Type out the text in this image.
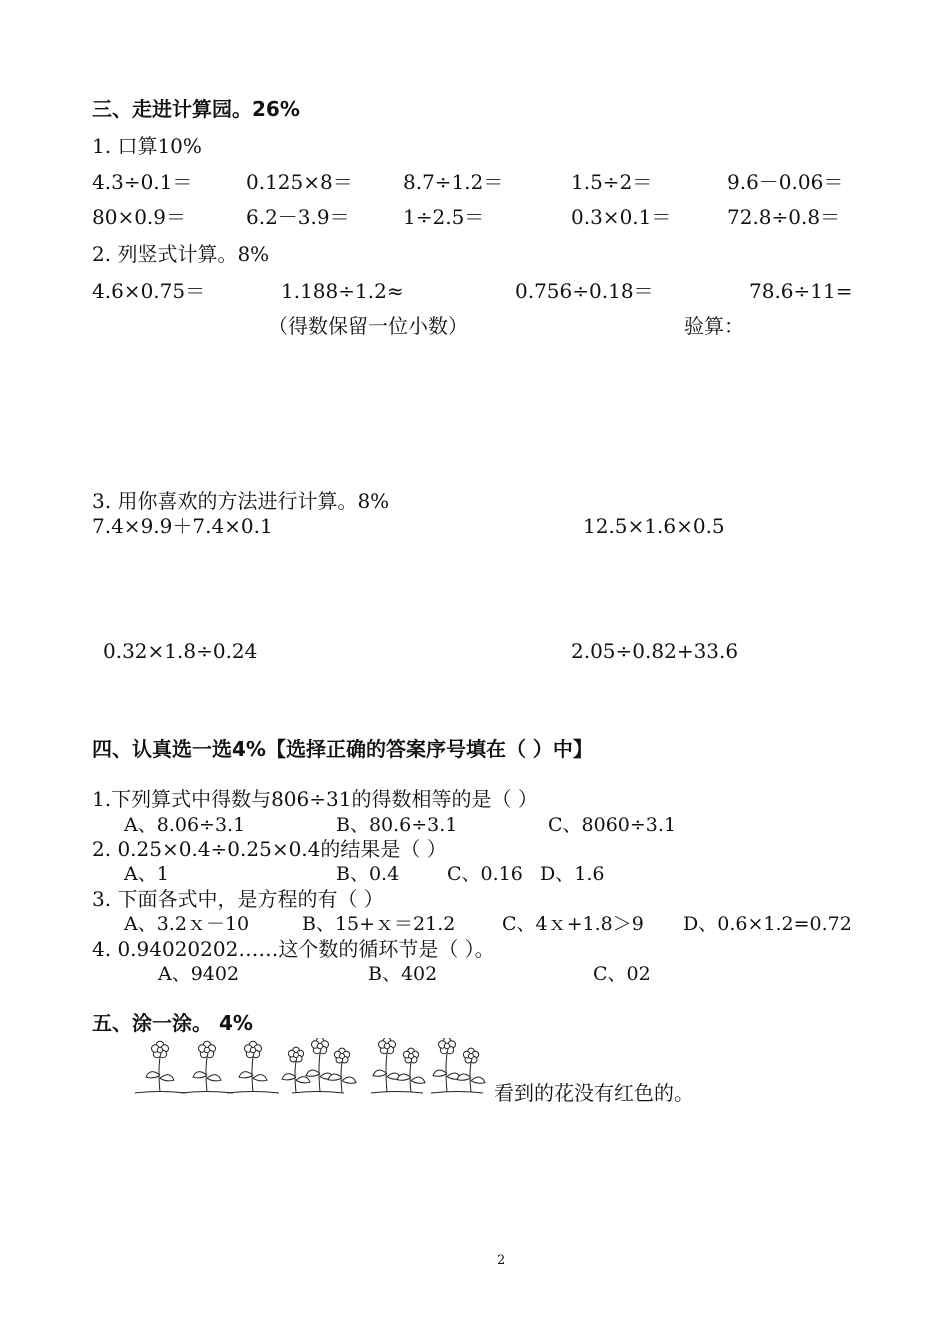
三、走进计算园。26%
1. 口算10%
4.3÷0.1＝	0.125×8＝	8.7÷1.2＝	1.5÷2＝	9.6－0.06＝
80×0.9＝	6.2－3.9＝	1÷2.5＝	0.3×0.1＝	72.8÷0.8＝
2. 列竖式计算。8%
4.6×0.75＝	1.188÷1.2≈	0.756÷0.18＝	78.6÷11=
（得数保留一位小数）	验算：
3. 用你喜欢的方法进行计算。8%
7.4×9.9＋7.4×0.1	12.5×1.6×0.5
0.32×1.8÷0.24	2.05÷0.82+33.6
四、认真选一选4%【选择正确的答案序号填在（ ）中】
1.下列算式中得数与806÷31的得数相等的是（ ）
A、8.06÷3.1	B、80.6÷3.1	C、8060÷3.1
2. 0.25×0.4÷0.25×0.4的结果是（ ）
A、1	B、0.4	C、0.16 D、1.6
3. 下面各式中，是方程的有（ ）
A、3.2ｘ－10	B、15+ｘ＝21.2 C、4ｘ+1.8＞9 D、0.6×1.2=0.72
4. 0.94020202……这个数的循环节是（ ）。
A、9402	B、402	C、02
五、涂一涂。 4%
看到的花没有红色的。
2
